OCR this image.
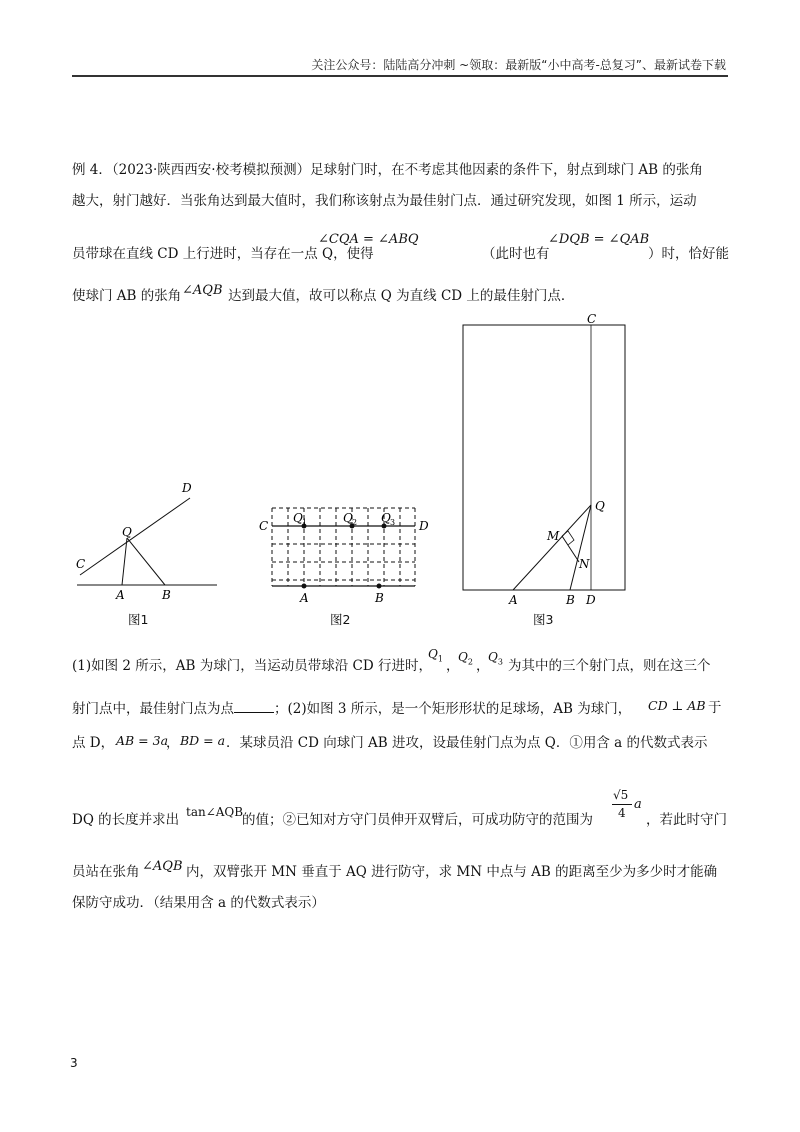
关注公众号：陆陆高分冲刺 ~领取：最新版“小中高考-总复习”、最新试卷下载
例 4．（2023·陕西西安·校考模拟预测）足球射门时，在不考虑其他因素的条件下，射点到球门 AB 的张角
越大，射门越好．当张角达到最大值时，我们称该射点为最佳射门点．通过研究发现，如图 1 所示，运动
员带球在直线 CD 上行进时，当存在一点 Q，使得
∠CQA = ∠ABQ
（此时也有
∠DQB = ∠QAB
）时，恰好能
使球门 AB 的张角 ∠AQB 达到最大值，故可以称点 Q 为直线 CD 上的最佳射门点．
D
C
Q
A	B
图1
C	D
Q 1	Q 2 Q 3
A	B
图2
C
Q
M
N
A	B D
图3
(1)如图 2 所示，AB 为球门，当运动员带球沿 CD 行进时，
$Q_1$ ，
$Q_2$ ，
$Q_3$ 为其中的三个射门点，则在这三个
射门点中，最佳射门点为点	；(2)如图 3 所示，是一个矩形形状的足球场，AB 为球门， CD ⊥ AB 于
点 D， AB = 3a
， BD = a ．某球员沿 CD 向球门 AB 进攻，设最佳射门点为点 Q．①用含 a 的代数式表示
DQ 的长度并求出 tan∠AQB
的值；②已知对方守门员伸开双臂后，可成功防守的范围为
√5
4
a
，若此时守门
员站在张角 ∠AQB 内，双臂张开 MN 垂直于 AQ 进行防守，求 MN 中点与 AB 的距离至少为多少时才能确
保防守成功．（结果用含 a 的代数式表示）
3
